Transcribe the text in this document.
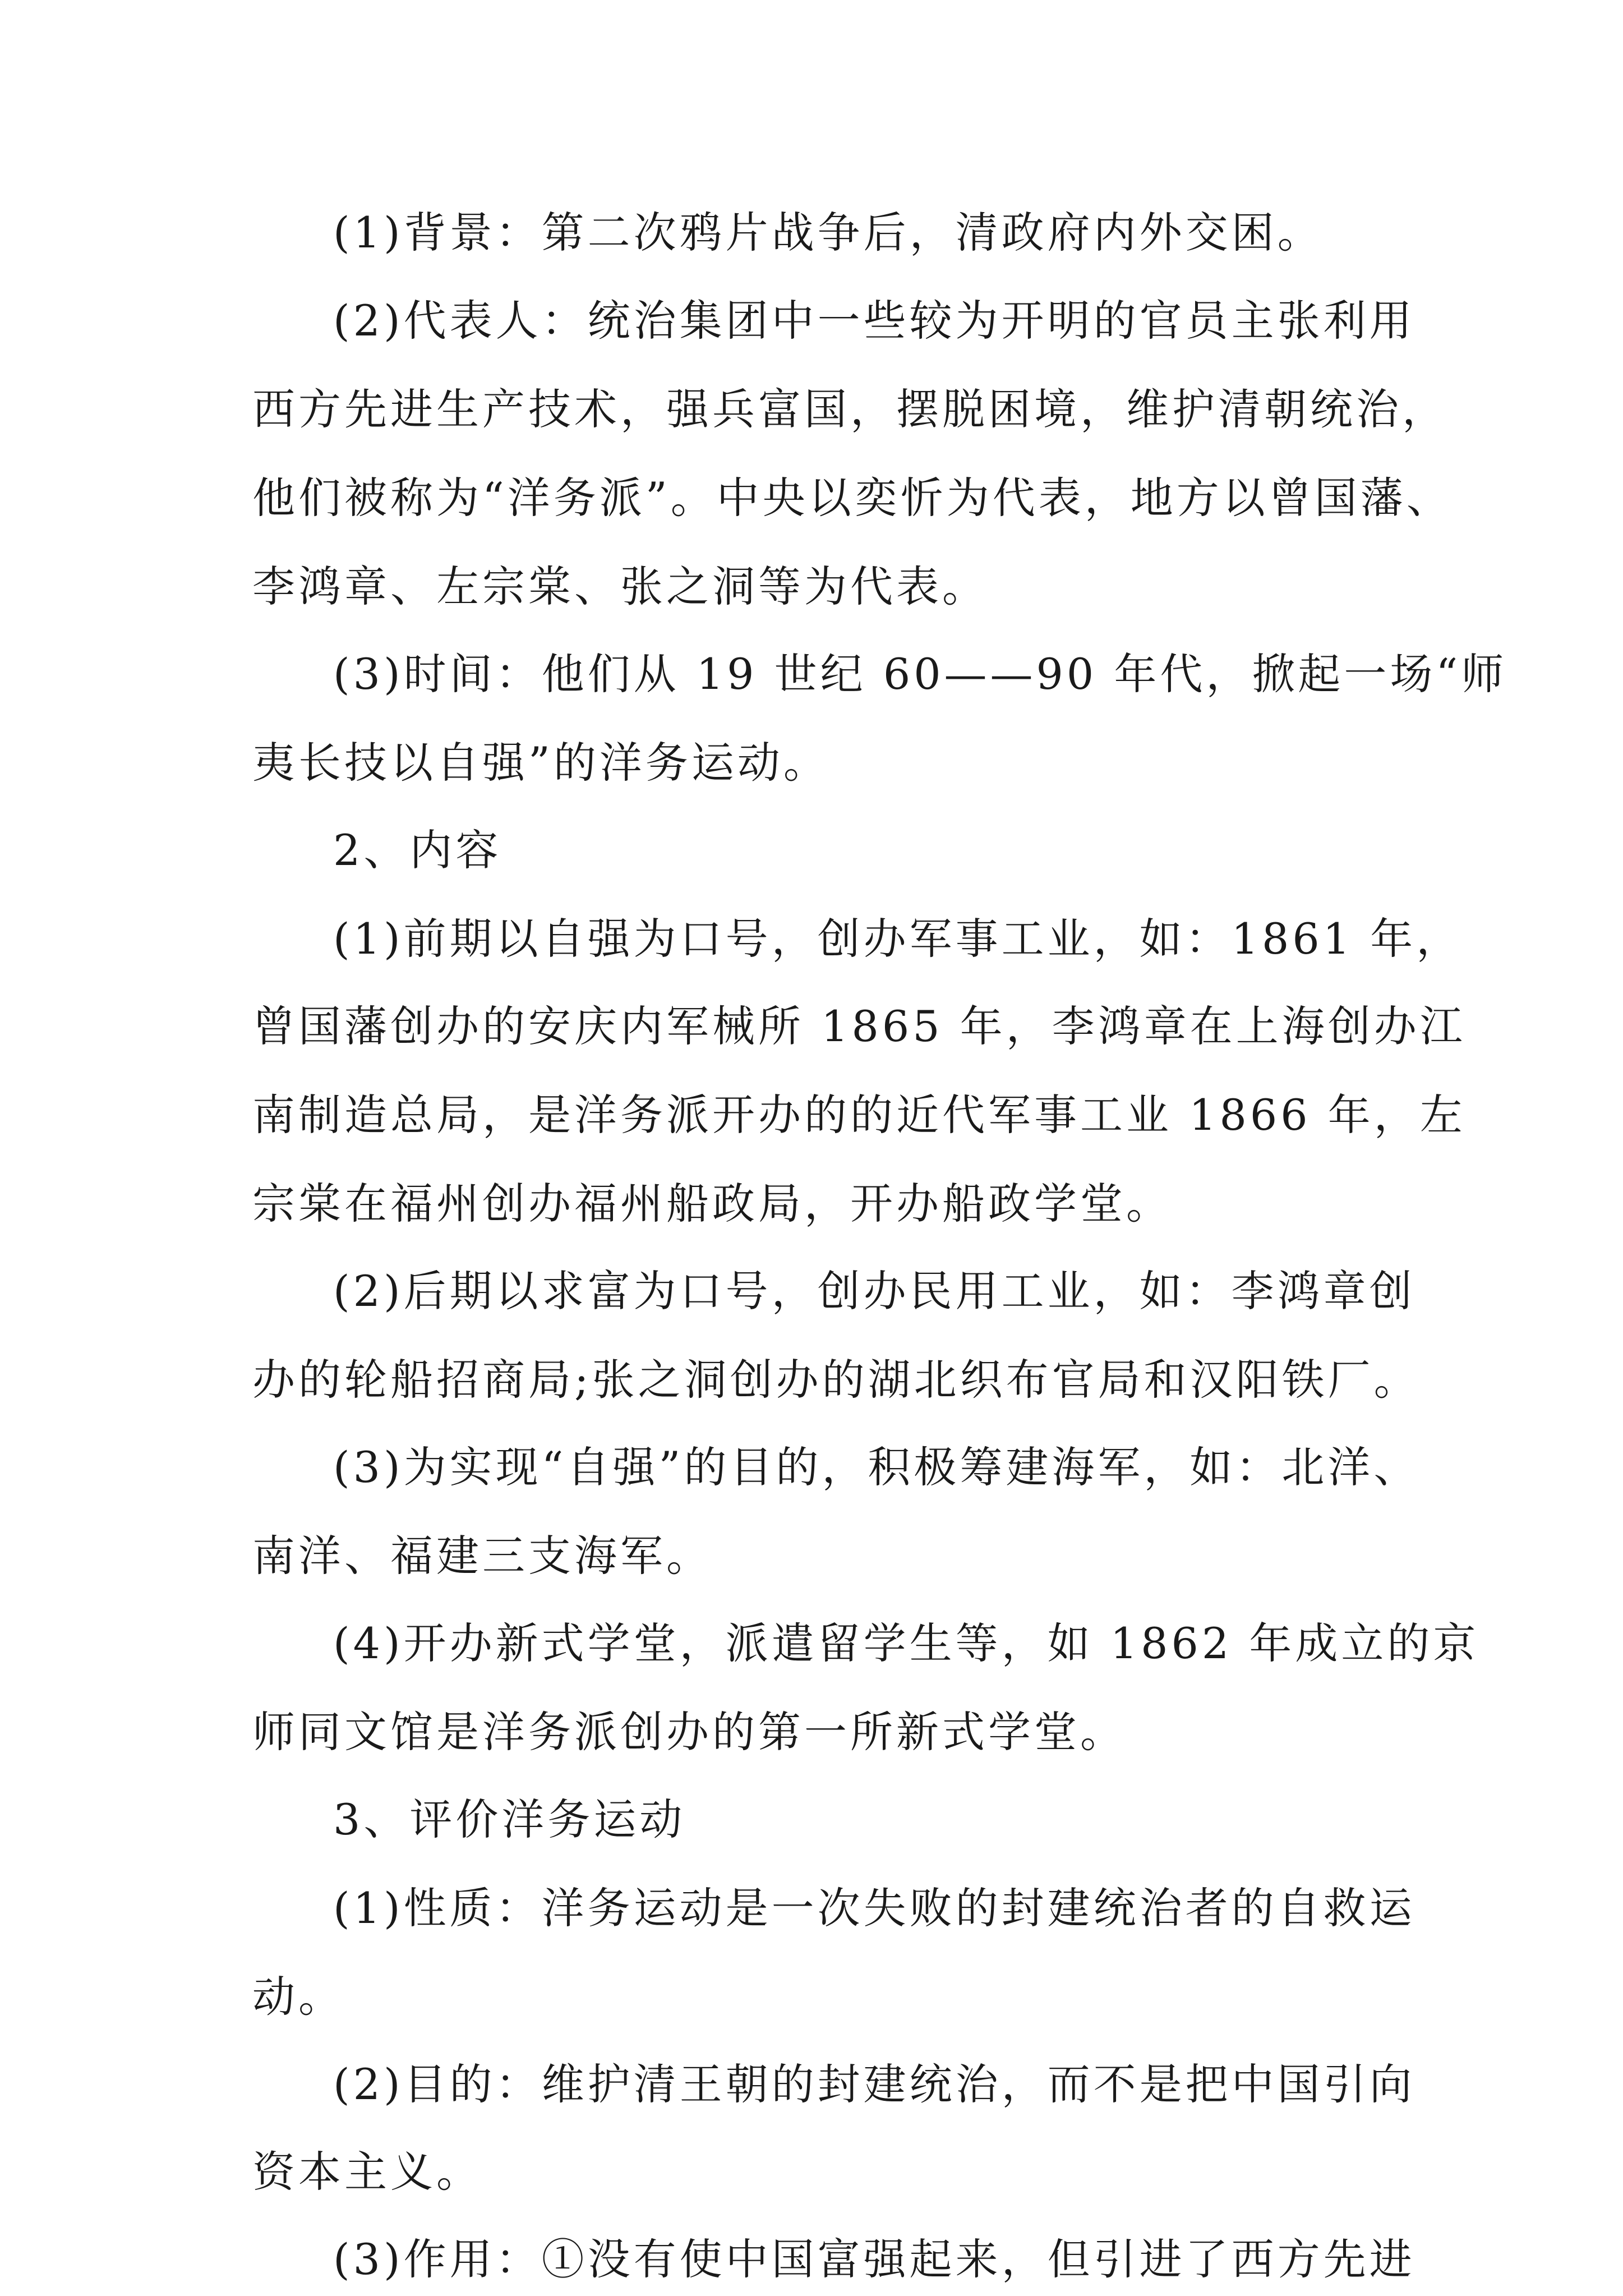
(1)背景：第二次鸦片战争后，清政府内外交困。
(2)代表人：统治集团中一些较为开明的官员主张利用
西方先进生产技术，强兵富国，摆脱困境，维护清朝统治，
他们被称为“洋务派”。中央以奕忻为代表，地方以曾国藩、
李鸿章、左宗棠、张之洞等为代表。
(3)时间：他们从 19 世纪 60——90 年代，掀起一场“师
夷长技以自强”的洋务运动。
2、内容
(1)前期以自强为口号，创办军事工业，如：1861 年，
曾国藩创办的安庆内军械所 1865 年，李鸿章在上海创办江
南制造总局，是洋务派开办的的近代军事工业 1866 年，左
宗棠在福州创办福州船政局，开办船政学堂。
(2)后期以求富为口号，创办民用工业，如：李鸿章创
办的轮船招商局;张之洞创办的湖北织布官局和汉阳铁厂。
(3)为实现“自强”的目的，积极筹建海军，如：北洋、
南洋、福建三支海军。
(4)开办新式学堂，派遣留学生等，如 1862 年成立的京
师同文馆是洋务派创办的第一所新式学堂。
3、评价洋务运动
(1)性质：洋务运动是一次失败的封建统治者的自救运
动。
(2)目的：维护清王朝的封建统治，而不是把中国引向
资本主义。
(3)作用：①没有使中国富强起来，但引进了西方先进
